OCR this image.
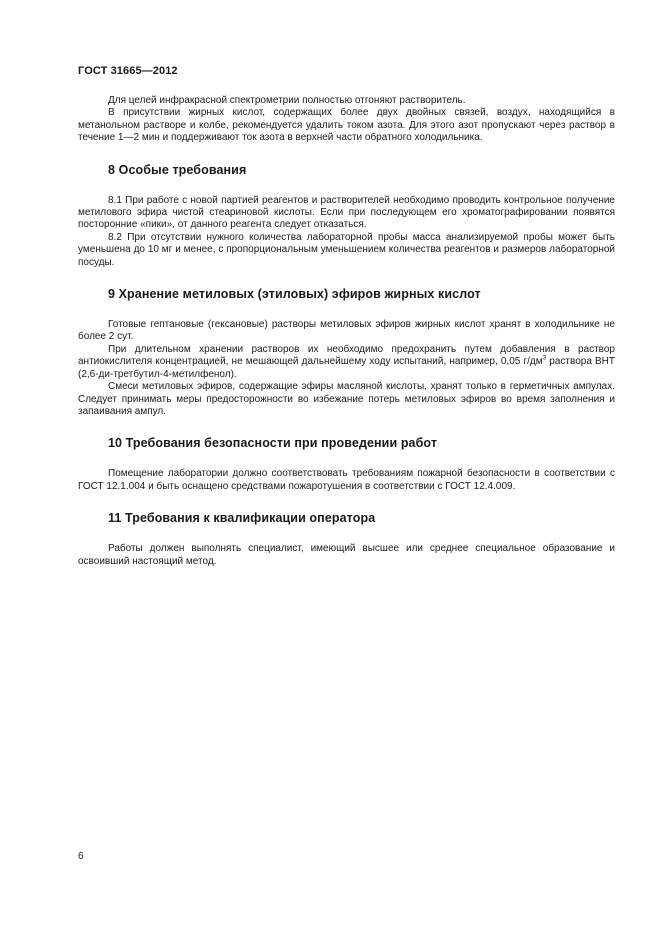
ГОСТ 31665—2012

Для целей инфракрасной спектрометрии полностью отгоняют растворитель.

В присутствии жирных кислот, содержащих более двух двойных связей, воздух, находящийся в метанольном растворе и колбе, рекомендуется удалить током азота. Для этого азот пропускают через раствор в течение 1—2 мин и поддерживают ток азота в верхней части обратного холодильника.

8 Особые требования

8.1 При работе с новой партией реагентов и растворителей необходимо проводить контрольное получение метилового эфира чистой стеариновой кислоты. Если при последующем его хроматографировании появятся посторонние «пики», от данного реагента следует отказаться.

8.2 При отсутствии нужного количества лабораторной пробы масса анализируемой пробы может быть уменьшена до 10 мг и менее, с пропорциональным уменьшением количества реагентов и размеров лабораторной посуды.

9 Хранение метиловых (этиловых) эфиров жирных кислот

Готовые гептановые (гексановые) растворы метиловых эфиров жирных кислот хранят в холодильнике не более 2 сут.

При длительном хранении растворов их необходимо предохранить путем добавления в раствор антиокислителя концентрацией, не мешающей дальнейшему ходу испытаний, например, 0,05 $г/дм^3$ раствора ВНТ (2,6-ди-третбутил-4-метилфенол).

Смеси метиловых эфиров, содержащие эфиры масляной кислоты, хранят только в герметичных ампулах. Следует принимать меры предосторожности во избежание потерь метиловых эфиров во время заполнения и запаивания ампул.

10 Требования безопасности при проведении работ

Помещение лаборатории должно соответствовать требованиям пожарной безопасности в соответствии с ГОСТ 12.1.004 и быть оснащено средствами пожаротушения в соответствии с ГОСТ 12.4.009.

11 Требования к квалификации оператора

Работы должен выполнять специалист, имеющий высшее или среднее специальное образование и освоивший настоящий метод.

6
